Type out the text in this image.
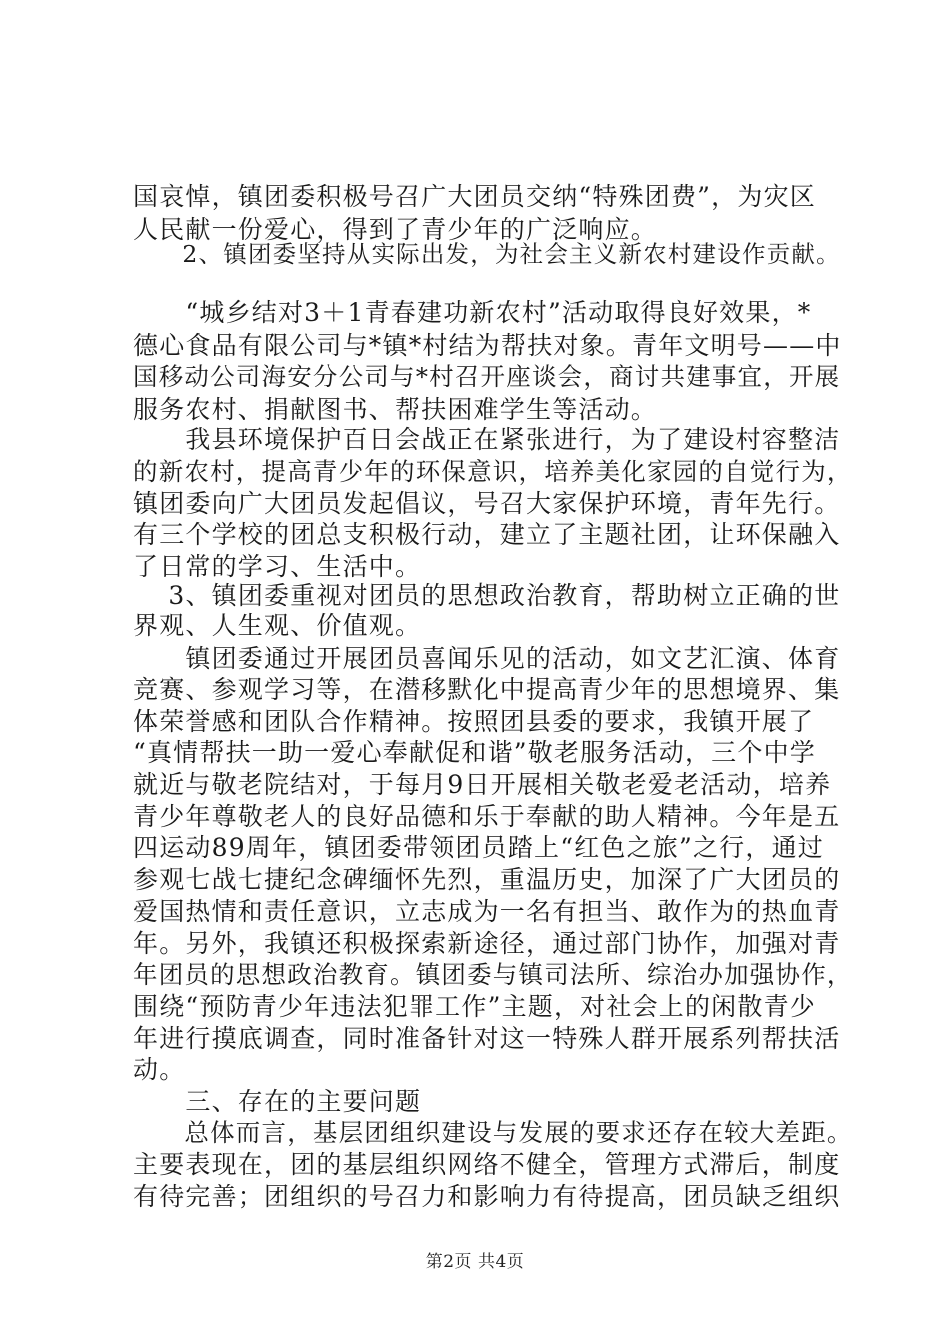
国哀悼，镇团委积极号召广大团员交纳“特殊团费”，为灾区
人民献一份爱心，得到了青少年的广泛响应。
　　2、镇团委坚持从实际出发，为社会主义新农村建设作贡献。
　　“城乡结对3＋1青春建功新农村”活动取得良好效果，*
德心食品有限公司与*镇*村结为帮扶对象。青年文明号——中
国移动公司海安分公司与*村召开座谈会，商讨共建事宜，开展
服务农村、捐献图书、帮扶困难学生等活动。
　　我县环境保护百日会战正在紧张进行，为了建设村容整洁
的新农村，提高青少年的环保意识，培养美化家园的自觉行为，
镇团委向广大团员发起倡议，号召大家保护环境，青年先行。
有三个学校的团总支积极行动，建立了主题社团，让环保融入
了日常的学习、生活中。
　 3、镇团委重视对团员的思想政治教育，帮助树立正确的世
界观、人生观、价值观。
　　镇团委通过开展团员喜闻乐见的活动，如文艺汇演、体育
竞赛、参观学习等，在潜移默化中提高青少年的思想境界、集
体荣誉感和团队合作精神。按照团县委的要求，我镇开展了
“真情帮扶一助一爱心奉献促和谐”敬老服务活动，三个中学
就近与敬老院结对，于每月9日开展相关敬老爱老活动，培养
青少年尊敬老人的良好品德和乐于奉献的助人精神。今年是五
四运动89周年，镇团委带领团员踏上“红色之旅”之行，通过
参观七战七捷纪念碑缅怀先烈，重温历史，加深了广大团员的
爱国热情和责任意识，立志成为一名有担当、敢作为的热血青
年。另外，我镇还积极探索新途径，通过部门协作，加强对青
年团员的思想政治教育。镇团委与镇司法所、综治办加强协作，
围绕“预防青少年违法犯罪工作”主题，对社会上的闲散青少
年进行摸底调查，同时准备针对这一特殊人群开展系列帮扶活
动。
　　三、存在的主要问题
　　总体而言，基层团组织建设与发展的要求还存在较大差距。
主要表现在，团的基层组织网络不健全，管理方式滞后，制度
有待完善；团组织的号召力和影响力有待提高，团员缺乏组织
第2页 共4页
